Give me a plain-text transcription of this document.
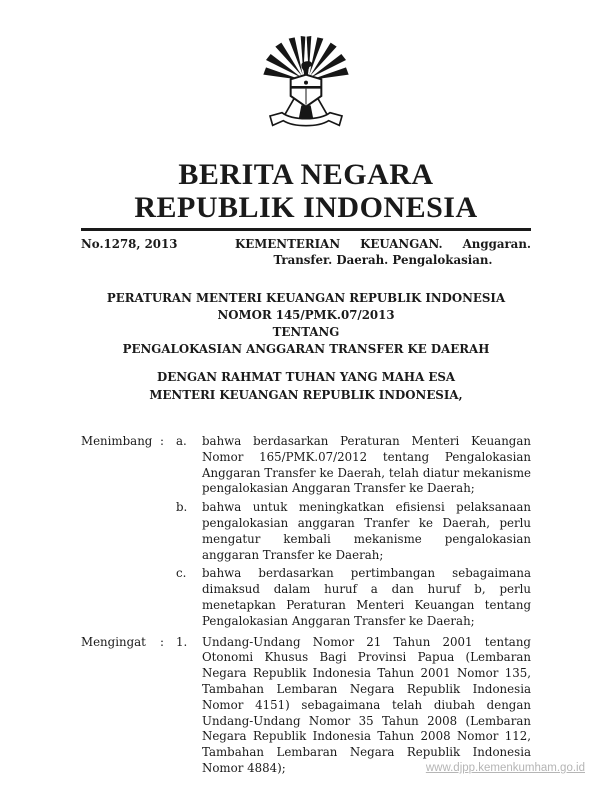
BERITA NEGARA
REPUBLIK INDONESIA
No.1278, 2013	KEMENTERIAN KEUANGAN. Anggaran.
Transfer. Daerah. Pengalokasian.

PERATURAN MENTERI KEUANGAN REPUBLIK INDONESIA

NOMOR 145/PMK.07/2013

TENTANG

PENGALOKASIAN ANGGARAN TRANSFER KE DAERAH

DENGAN RAHMAT TUHAN YANG MAHA ESA

MENTERI KEUANGAN REPUBLIK INDONESIA,

Menimbang :	a.	bahwa berdasarkan Peraturan Menteri Keuangan Nomor 165/PMK.07/2012 tentang Pengalokasian Anggaran Transfer ke Daerah, telah diatur mekanisme pengalokasian Anggaran Transfer ke Daerah;

b.	bahwa untuk meningkatkan efisiensi pelaksanaan pengalokasian anggaran Tranfer ke Daerah, perlu mengatur kembali mekanisme pengalokasian anggaran Transfer ke Daerah;

c.	bahwa berdasarkan pertimbangan sebagaimana dimaksud dalam huruf a dan huruf b, perlu menetapkan Peraturan Menteri Keuangan tentang Pengalokasian Anggaran Transfer ke Daerah;

Mengingat	:	1.	Undang-Undang Nomor 21 Tahun 2001 tentang Otonomi Khusus Bagi Provinsi Papua (Lembaran Negara Republik Indonesia Tahun 2001 Nomor 135, Tambahan Lembaran Negara Republik Indonesia Nomor 4151) sebagaimana telah diubah dengan Undang-Undang Nomor 35 Tahun 2008 (Lembaran Negara Republik Indonesia Tahun 2008 Nomor 112, Tambahan Lembaran Negara Republik Indonesia Nomor 4884);	www.djpp.kemenkumham.go.id
